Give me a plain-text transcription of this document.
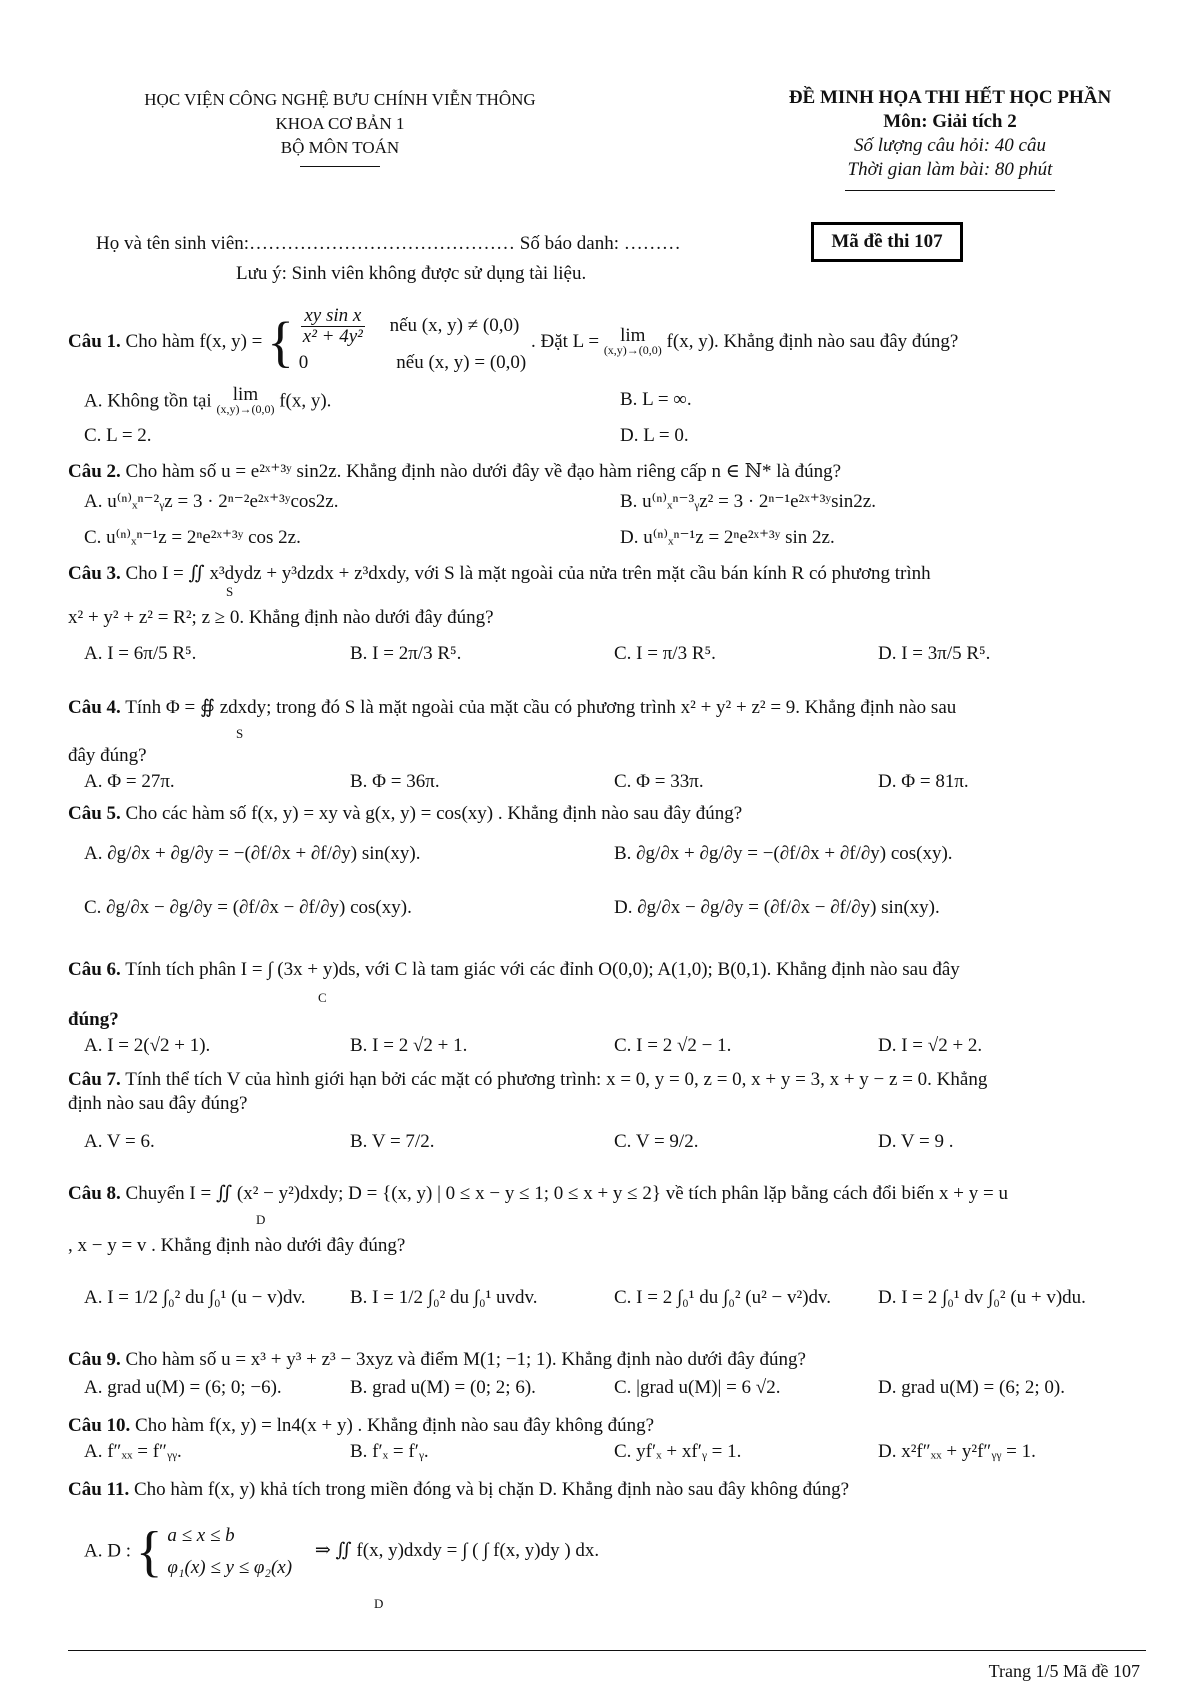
HỌC VIỆN CÔNG NGHỆ BƯU CHÍNH VIỄN THÔNG
KHOA CƠ BẢN 1
BỘ MÔN TOÁN
ĐỀ MINH HỌA THI HẾT HỌC PHẦN
Môn: Giải tích 2
Số lượng câu hỏi: 40 câu
Thời gian làm bài: 80 phút
Họ và tên sinh viên:…………………………………… Số báo danh: ………	Mã đề thi 107
Lưu ý: Sinh viên không được sử dụng tài liệu.
Câu 1. Cho hàm f(x, y) = { $\frac{\text{xy sin x}}{\text{x² + 4y²}}$ nếu (x, y) ≠ (0,0)
0	nếu (x, y) = (0,0)
. Đặt L = lim
(x,y)→(0,0) f(x, y). Khẳng định nào sau đây đúng?
A. Không tồn tại lim
(x,y)→(0,0) f(x, y).	B. L = ∞.
C. L = 2.	D. L = 0.
Câu 2. Cho hàm số u = e²ˣ⁺³ʸ sin2z. Khẳng định nào dưới đây về đạo hàm riêng cấp n ∈ ℕ* là đúng?
A. u⁽ⁿ⁾ₓⁿ⁻²ᵧz = 3 · 2ⁿ⁻²e²ˣ⁺³ʸcos2z.	B. u⁽ⁿ⁾ₓⁿ⁻³ᵧz² = 3 · 2ⁿ⁻¹e²ˣ⁺³ʸsin2z.
C. u⁽ⁿ⁾ₓⁿ⁻¹z = 2ⁿe²ˣ⁺³ʸ cos 2z.	D. u⁽ⁿ⁾ₓⁿ⁻¹z = 2ⁿe²ˣ⁺³ʸ sin 2z.
Câu 3. Cho I = ∬ x³dydz + y³dzdx + z³dxdy, với S là mặt ngoài của nửa trên mặt cầu bán kính R có phương trình
S
x² + y² + z² = R²; z ≥ 0. Khẳng định nào dưới đây đúng?
A. I = 6π/5 R⁵.	B. I = 2π/3 R⁵.	C. I = π/3 R⁵.	D. I = 3π/5 R⁵.
Câu 4. Tính Φ = ∯ zdxdy; trong đó S là mặt ngoài của mặt cầu có phương trình x² + y² + z² = 9. Khẳng định nào sau
S
đây đúng?
A. Φ = 27π.	B. Φ = 36π.	C. Φ = 33π.	D. Φ = 81π.
Câu 5. Cho các hàm số f(x, y) = xy và g(x, y) = cos(xy) . Khẳng định nào sau đây đúng?
A. ∂g/∂x + ∂g/∂y = −(∂f/∂x + ∂f/∂y) sin(xy).	B. ∂g/∂x + ∂g/∂y = −(∂f/∂x + ∂f/∂y) cos(xy).
C. ∂g/∂x − ∂g/∂y = (∂f/∂x − ∂f/∂y) cos(xy).	D. ∂g/∂x − ∂g/∂y = (∂f/∂x − ∂f/∂y) sin(xy).
Câu 6. Tính tích phân I = ∫ (3x + y)ds, với C là tam giác với các đỉnh O(0,0); A(1,0); B(0,1). Khẳng định nào sau đây
C
đúng?
A. I = 2(√2 + 1).	B. I = 2 √2 + 1.	C. I = 2 √2 − 1.	D. I = √2 + 2.
Câu 7. Tính thể tích V của hình giới hạn bởi các mặt có phương trình: x = 0, y = 0, z = 0, x + y = 3, x + y − z = 0. Khẳng
định nào sau đây đúng?
A. V = 6.	B. V = 7/2.	C. V = 9/2.	D. V = 9 .
Câu 8. Chuyển I = ∬ (x² − y²)dxdy; D = {(x, y) | 0 ≤ x − y ≤ 1; 0 ≤ x + y ≤ 2} về tích phân lặp bằng cách đổi biến x + y = u
D
, x − y = v . Khẳng định nào dưới đây đúng?
A. I = 1/2 ∫₀² du ∫₀¹ (u − v)dv. B. I = 1/2 ∫₀² du ∫₀¹ uvdv.	C. I = 2 ∫₀¹ du ∫₀² (u² − v²)dv. D. I = 2 ∫₀¹ dv ∫₀² (u + v)du.
Câu 9. Cho hàm số u = x³ + y³ + z³ − 3xyz và điểm M(1; −1; 1). Khẳng định nào dưới đây đúng?
A. grad u(M) = (6; 0; −6).	B. grad u(M) = (0; 2; 6).	C. |grad u(M)| = 6 √2.	D. grad u(M) = (6; 2; 0).
Câu 10. Cho hàm f(x, y) = ln4(x + y) . Khẳng định nào sau đây không đúng?
A. f″ₓₓ = f″ᵧᵧ.	B. f′ₓ = f′ᵧ.	C. yf′ₓ + xf′ᵧ = 1.	D. x²f″ₓₓ + y²f″ᵧᵧ = 1.
Câu 11. Cho hàm f(x, y) khả tích trong miền đóng và bị chặn D. Khẳng định nào sau đây không đúng?
A. D : { a ≤ x ≤ b
φ₁(x) ≤ y ≤ φ₂(x)
⇒ ∬ f(x, y)dxdy = ∫ ( ∫ f(x, y)dy ) dx.
D
Trang 1/5 Mã đề 107
